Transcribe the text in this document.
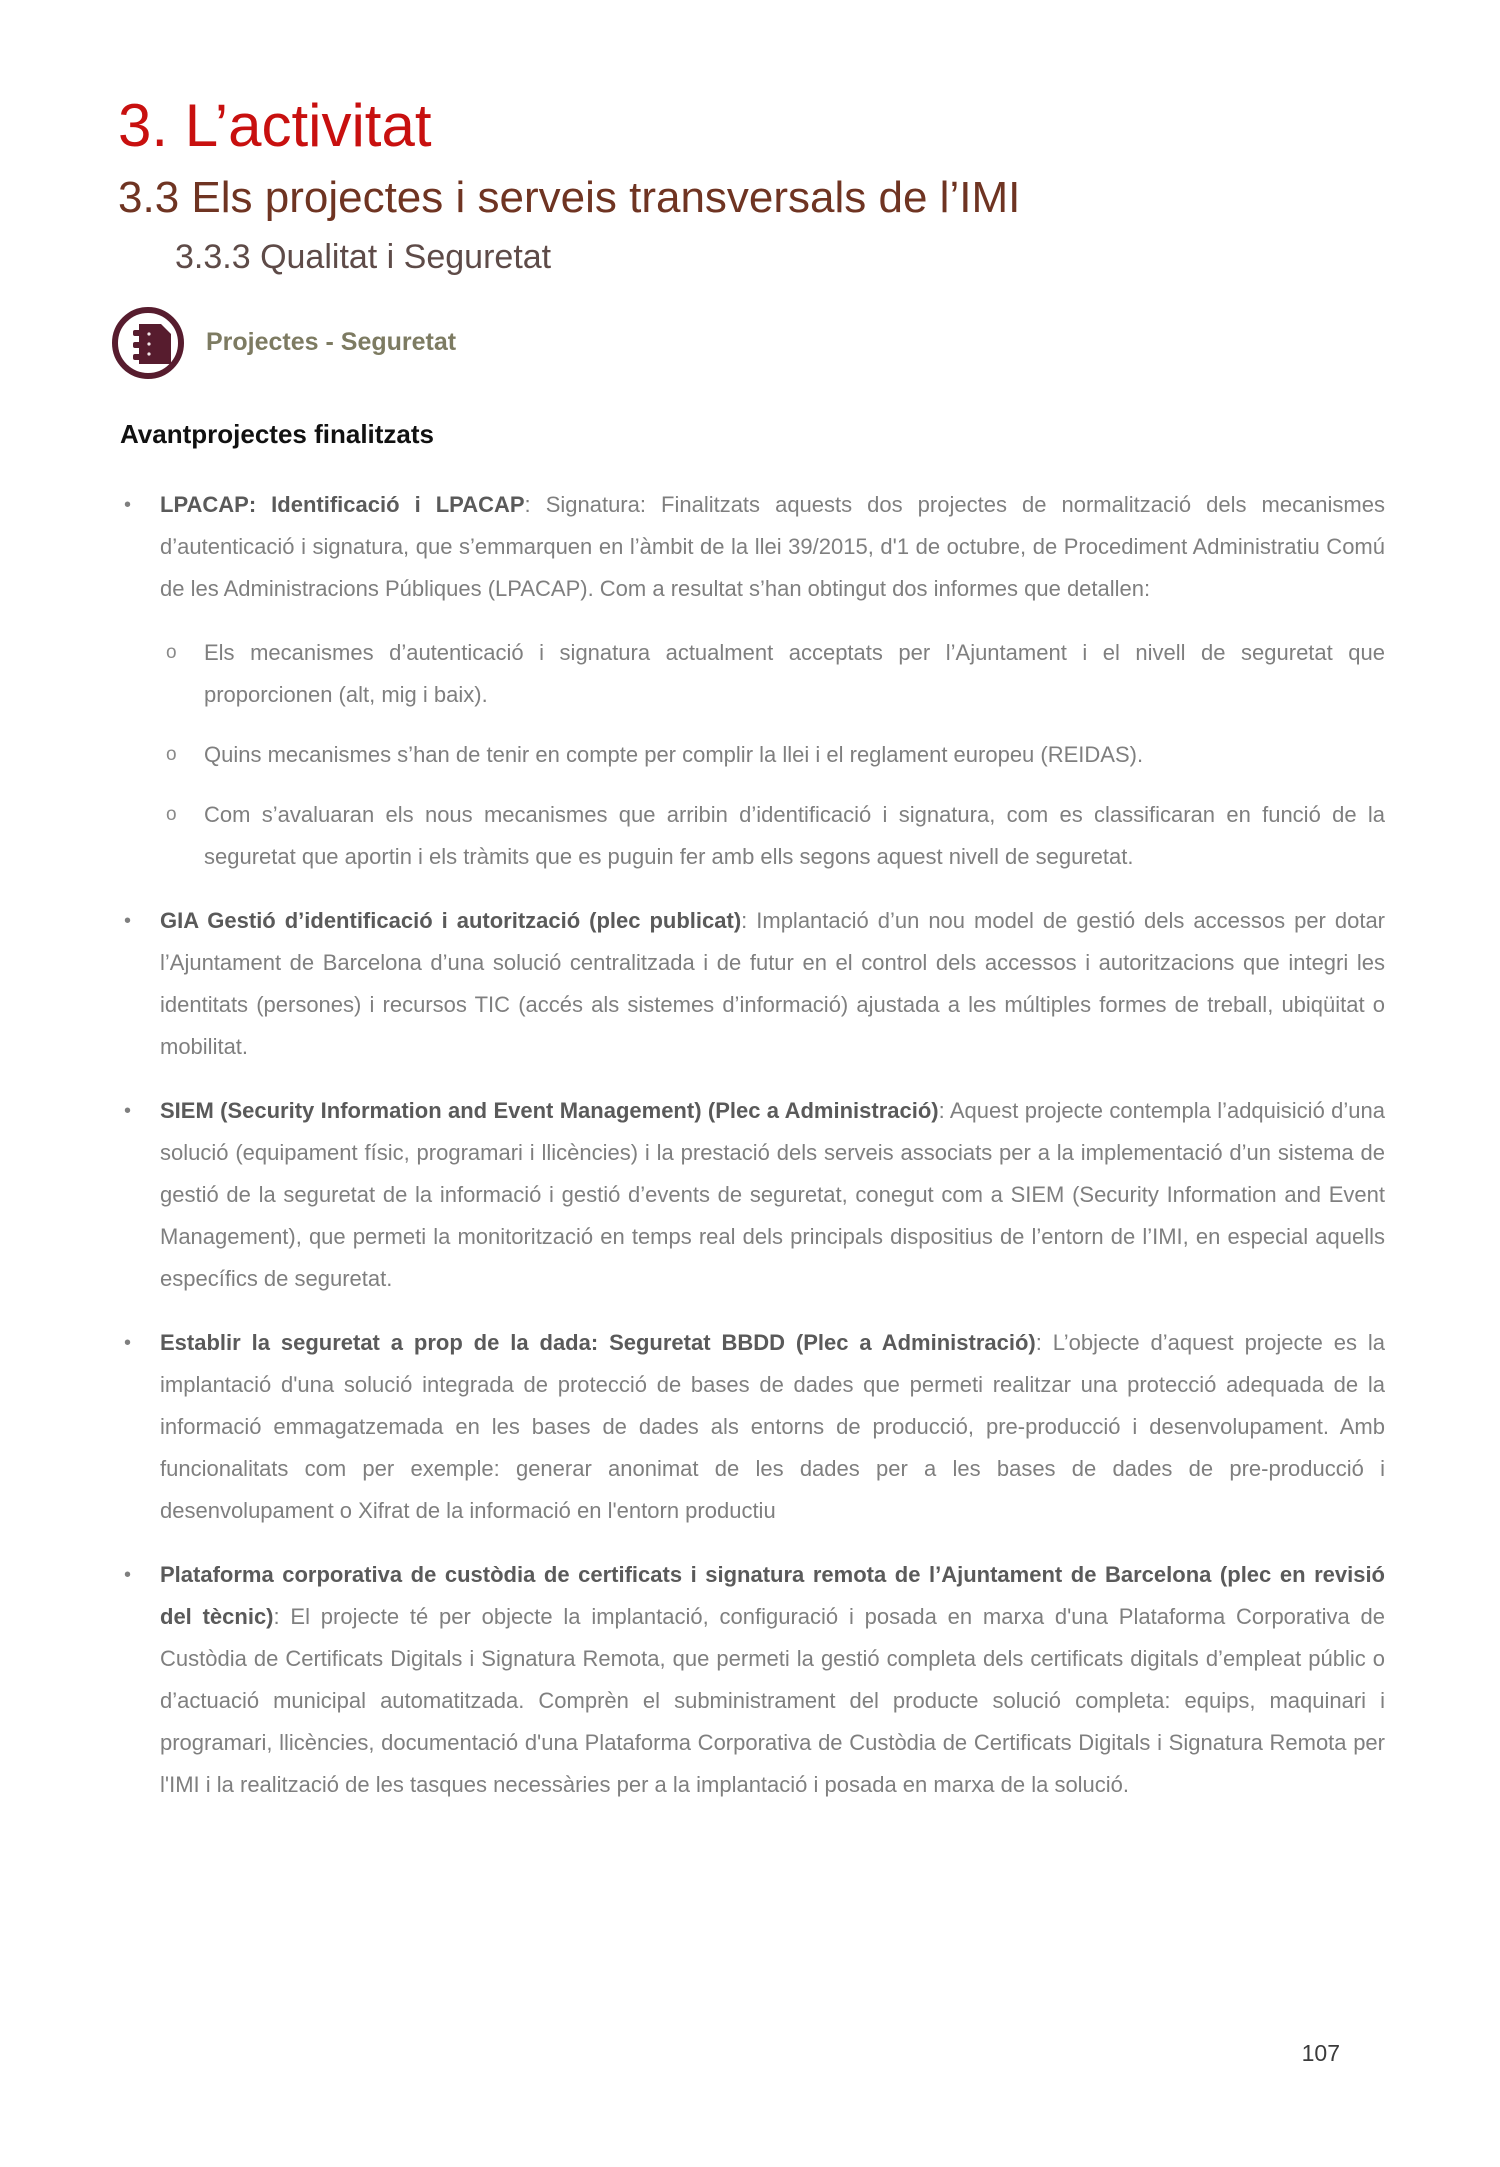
3. L’activitat
3.3 Els projectes i serveis transversals de l’IMI
3.3.3 Qualitat i Seguretat
Projectes - Seguretat
Avantprojectes finalitzats
•	LPACAP: Identificació i LPACAP: Signatura: Finalitzats aquests dos projectes de normalització dels mecanismes d’autenticació i signatura, que s’emmarquen en l’àmbit de la llei 39/2015, d'1 de octubre, de Procediment Administratiu Comú de les Administracions Públiques (LPACAP). Com a resultat s’han obtingut dos informes que detallen:
o	Els mecanismes d’autenticació i signatura actualment acceptats per l’Ajuntament i el nivell de seguretat que proporcionen (alt, mig i baix).
o	Quins mecanismes s’han de tenir en compte per complir la llei i el reglament europeu (REIDAS).
o	Com s’avaluaran els nous mecanismes que arribin d’identificació i signatura, com es classificaran en funció de la seguretat que aportin i els tràmits que es puguin fer amb ells segons aquest nivell de seguretat.
•	GIA Gestió d’identificació i autorització (plec publicat): Implantació d’un nou model de gestió dels accessos per dotar l’Ajuntament de Barcelona d’una solució centralitzada i de futur en el control dels accessos i autoritzacions que integri les identitats (persones) i recursos TIC (accés als sistemes d’informació) ajustada a les múltiples formes de treball, ubiqüitat o mobilitat.
•	SIEM (Security Information and Event Management) (Plec a Administració): Aquest projecte contempla l’adquisició d’una solució (equipament físic, programari i llicències) i la prestació dels serveis associats per a la implementació d’un sistema de gestió de la seguretat de la informació i gestió d’events de seguretat, conegut com a SIEM (Security Information and Event Management), que permeti la monitorització en temps real dels principals dispositius de l’entorn de l’IMI, en especial aquells específics de seguretat.
•	Establir la seguretat a prop de la dada: Seguretat BBDD (Plec a Administració): L’objecte d’aquest projecte es la implantació d'una solució integrada de protecció de bases de dades que permeti realitzar una protecció adequada de la informació emmagatzemada en les bases de dades als entorns de producció, pre-producció i desenvolupament. Amb funcionalitats com per exemple: generar anonimat de les dades per a les bases de dades de pre-producció i desenvolupament o Xifrat de la informació en l'entorn productiu
•	Plataforma corporativa de custòdia de certificats i signatura remota de l’Ajuntament de Barcelona (plec en revisió del tècnic): El projecte té per objecte la implantació, configuració i posada en marxa d'una Plataforma Corporativa de Custòdia de Certificats Digitals i Signatura Remota, que permeti la gestió completa dels certificats digitals d’empleat públic o d’actuació municipal automatitzada. Comprèn el subministrament del producte solució completa: equips, maquinari i programari, llicències, documentació d'una Plataforma Corporativa de Custòdia de Certificats Digitals i Signatura Remota per l'IMI i la realització de les tasques necessàries per a la implantació i posada en marxa de la solució.
107
